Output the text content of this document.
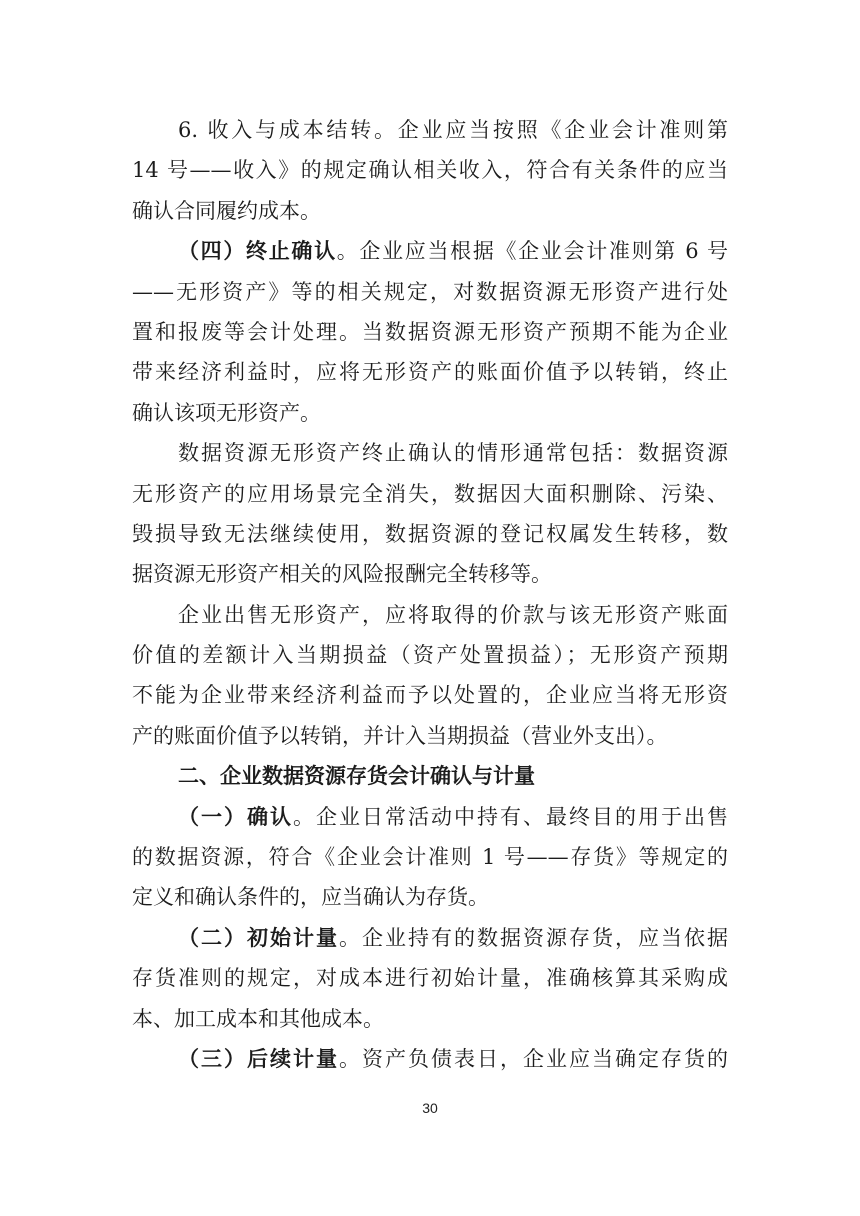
6. 收入与成本结转。企业应当按照《企业会计准则第
14 号——收入》的规定确认相关收入，符合有关条件的应当
确认合同履约成本。
（四）终止确认。企业应当根据《企业会计准则第 6 号
——无形资产》等的相关规定，对数据资源无形资产进行处
置和报废等会计处理。当数据资源无形资产预期不能为企业
带来经济利益时，应将无形资产的账面价值予以转销，终止
确认该项无形资产。
数据资源无形资产终止确认的情形通常包括：数据资源
无形资产的应用场景完全消失，数据因大面积删除、污染、
毁损导致无法继续使用，数据资源的登记权属发生转移，数
据资源无形资产相关的风险报酬完全转移等。
企业出售无形资产，应将取得的价款与该无形资产账面
价值的差额计入当期损益（资产处置损益）；无形资产预期
不能为企业带来经济利益而予以处置的，企业应当将无形资
产的账面价值予以转销，并计入当期损益（营业外支出）。
二、企业数据资源存货会计确认与计量
（一）确认。企业日常活动中持有、最终目的用于出售
的数据资源，符合《企业会计准则 1 号——存货》等规定的
定义和确认条件的，应当确认为存货。
（二）初始计量。企业持有的数据资源存货，应当依据
存货准则的规定，对成本进行初始计量，准确核算其采购成
本、加工成本和其他成本。
（三）后续计量。资产负债表日，企业应当确定存货的
30
